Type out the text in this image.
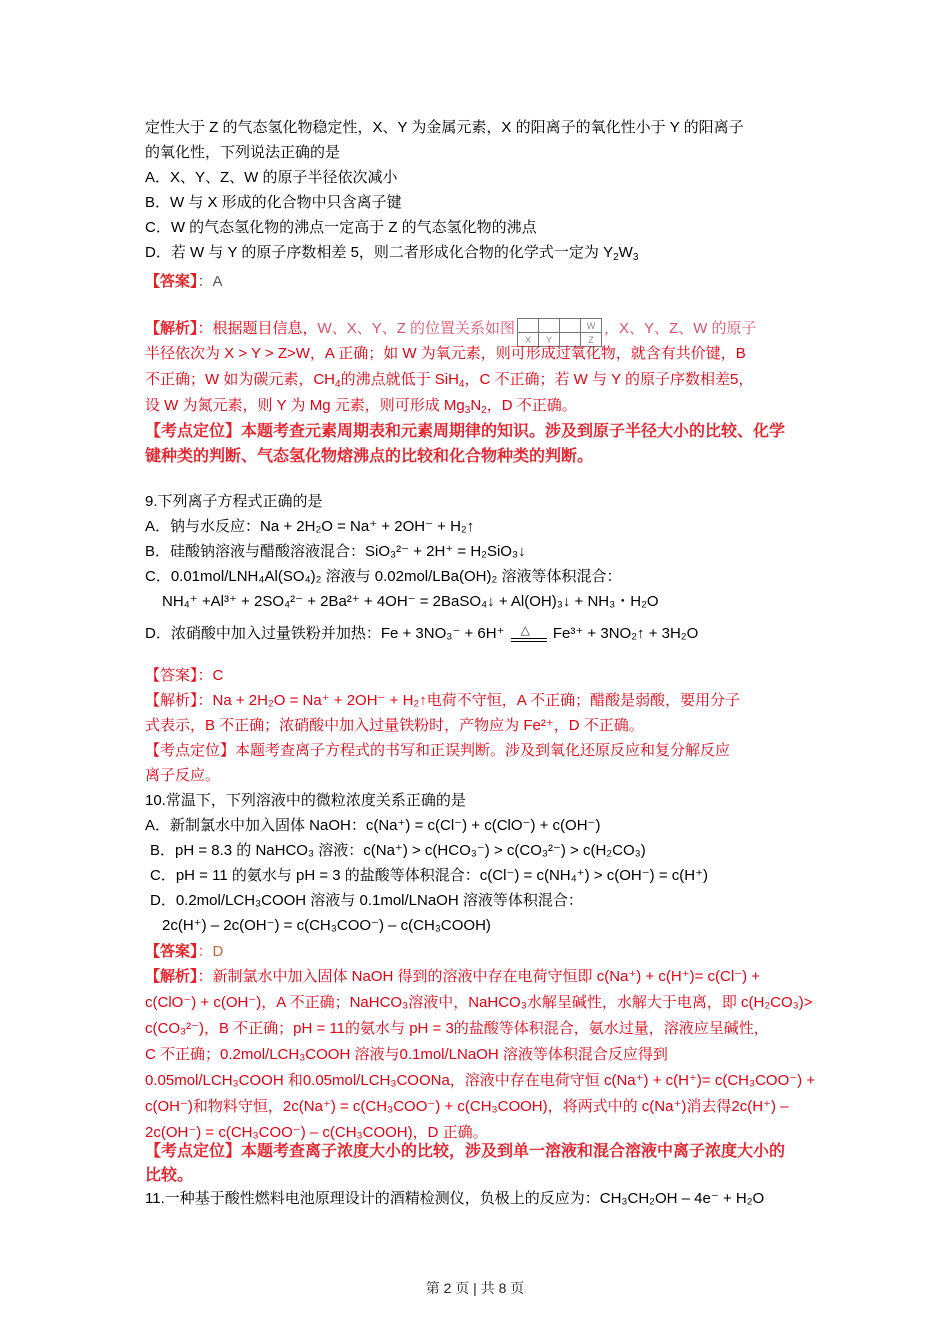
定性大于 Z 的气态氢化物稳定性，X、Y 为金属元素，X 的阳离子的氧化性小于 Y 的阳离子
的氧化性，下列说法正确的是
A．X、Y、Z、W 的原子半径依次减小
B．W 与 X 形成的化合物中只含离子键
C．W 的气态氢化物的沸点一定高于 Z 的气态氢化物的沸点
D．若 W 与 Y 的原子序数相差 5，则二者形成化合物的化学式一定为 $Y_2W_3$
【答案】：A
【解析】：根据题目信息，W、X、Y、Z 的位置关系如图				W
X	Y		Z，X、Y、Z、W 的原子
半径依次为 X > Y > Z>W，A 正确；如 W 为氧元素，则可形成过氧化物，就含有共价键，B
不正确；W 如为碳元素，$CH_4$的沸点就低于 SiH$_4$，C 不正确；若 W 与 Y 的原子序数相差5，
设 W 为氮元素，则 Y 为 Mg 元素，则可形成 $Mg_3N_2$，D 不正确。
【考点定位】本题考查元素周期表和元素周期律的知识。涉及到原子半径大小的比较、化学
键种类的判断、气态氢化物熔沸点的比较和化合物种类的判断。
9.下列离子方程式正确的是
A．钠与水反应：Na + 2H₂O = Na⁺ + 2OH⁻ + H₂↑
B．硅酸钠溶液与醋酸溶液混合：SiO₃²⁻ + 2H⁺ = H₂SiO₃↓
C．0.01mol/LNH₄Al(SO₄)₂ 溶液与 0.02mol/LBa(OH)₂ 溶液等体积混合：
NH₄⁺ +Al³⁺ + 2SO₄²⁻ + 2Ba²⁺ + 4OH⁻ = 2BaSO₄↓ + Al(OH)₃↓ + NH₃・H₂O
D．浓硝酸中加入过量铁粉并加热：Fe + 3NO₃⁻ + 6H⁺ △ Fe³⁺ + 3NO₂↑ + 3H₂O
【答案】：C
【解析】：Na + 2H₂O = Na⁺ + 2OH⁻ + H₂↑电荷不守恒，A 不正确；醋酸是弱酸，要用分子
式表示，B 不正确；浓硝酸中加入过量铁粉时，产物应为 Fe²⁺，D 不正确。
【考点定位】本题考查离子方程式的书写和正误判断。涉及到氧化还原反应和复分解反应
离子反应。
10.常温下，下列溶液中的微粒浓度关系正确的是
A．新制氯水中加入固体 NaOH：c(Na⁺) = c(Cl⁻) + c(ClO⁻) + c(OH⁻)
B．pH = 8.3 的 NaHCO₃ 溶液：c(Na⁺) > c(HCO₃⁻) > c(CO₃²⁻) > c(H₂CO₃)
C．pH = 11 的氨水与 pH = 3 的盐酸等体积混合：c(Cl⁻) = c(NH₄⁺) > c(OH⁻) = c(H⁺)
D．0.2mol/LCH₃COOH 溶液与 0.1mol/LNaOH 溶液等体积混合：
2c(H⁺) – 2c(OH⁻) = c(CH₃COO⁻) – c(CH₃COOH)
【答案】：D
【解析】：新制氯水中加入固体 NaOH 得到的溶液中存在电荷守恒即 c(Na⁺) + c(H⁺)= c(Cl⁻) +
c(ClO⁻) + c(OH⁻)，A 不正确；NaHCO₃溶液中，NaHCO₃水解呈碱性，水解大于电离，即 c(H₂CO₃)>
c(CO₃²⁻)，B 不正确；pH = 11的氨水与 pH = 3的盐酸等体积混合，氨水过量，溶液应呈碱性，
C 不正确；0.2mol/LCH₃COOH 溶液与0.1mol/LNaOH 溶液等体积混合反应得到
0.05mol/LCH₃COOH 和0.05mol/LCH₃COONa，溶液中存在电荷守恒 c(Na⁺) + c(H⁺)= c(CH₃COO⁻) +
c(OH⁻)和物料守恒，2c(Na⁺) = c(CH₃COO⁻) + c(CH₃COOH)，将两式中的 c(Na⁺)消去得2c(H⁺) –
2c(OH⁻) = c(CH₃COO⁻) – c(CH₃COOH)，D 正确。
【考点定位】本题考查离子浓度大小的比较，涉及到单一溶液和混合溶液中离子浓度大小的
比较。
11.一种基于酸性燃料电池原理设计的酒精检测仪，负极上的反应为：CH₃CH₂OH – 4e⁻ + H₂O
第 2 页 | 共 8 页
